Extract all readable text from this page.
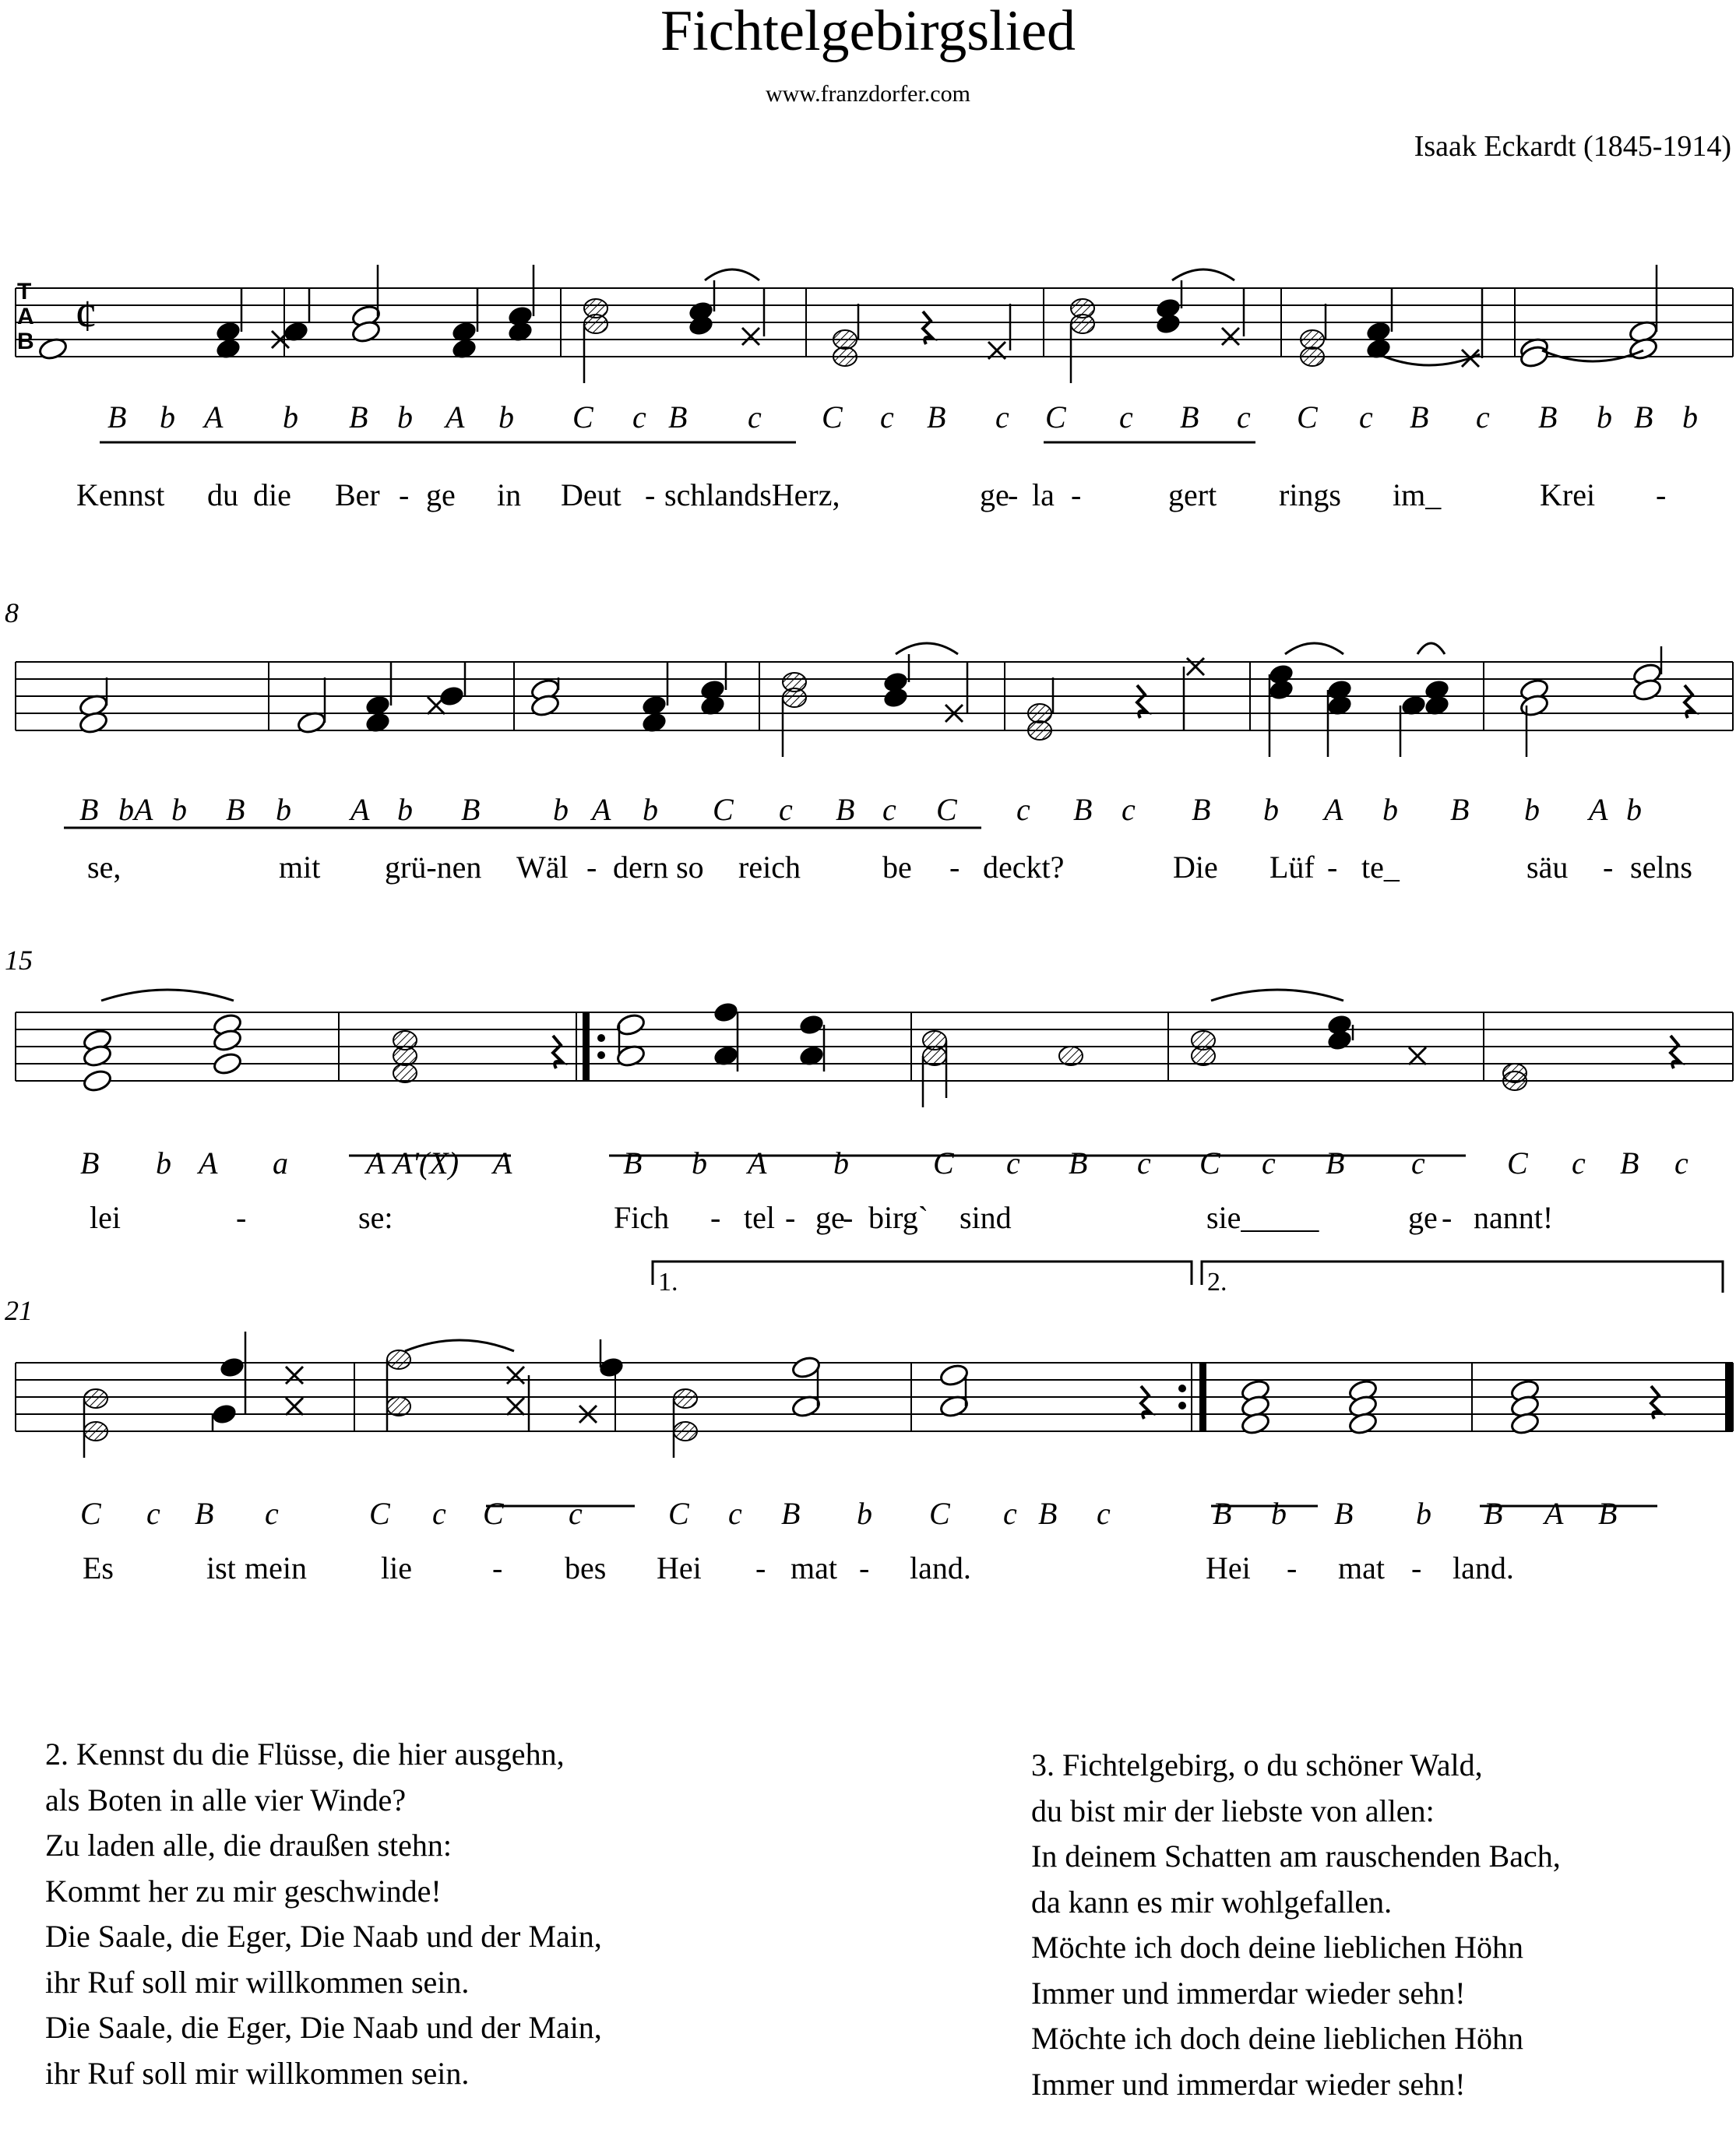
Fichtelgebirgslied
www.franzdorfer.com
Isaak Eckardt (1845-1914)
8
15
21
1.	2.
T
A
B
¢
B b A b B b A b C c B c C c B c C c B c C c B c B b B b
B bA b B b A b B b A b C c B c C c B c B b A b B b A b
B b A a	A A'(X) A	B b A b	C c B c C c B c	C c B c
C c B c	C c C c	C c B b C c B c	B b B b B A B
Kennst du die Ber - ge in Deut - schlandsHerz,	ge
- la -	gert rings im_	Krei -
se,	mit grü-nen Wäl - dern so reich	be - deckt?	Die Lüf - te_	säu - selns
lei	-	se:	Fich - tel - ge
- birg` sind	sie_____	ge - nannt!
Es	ist mein lie	- bes Hei - mat - land.	Hei - mat - land.
2. Kennst du die Flüsse, die hier ausgehn,
als Boten in alle vier Winde?
Zu laden alle, die draußen stehn:
Kommt her zu mir geschwinde!
Die Saale, die Eger, Die Naab und der Main,
ihr Ruf soll mir willkommen sein.
Die Saale, die Eger, Die Naab und der Main,
ihr Ruf soll mir willkommen sein.
3. Fichtelgebirg, o du schöner Wald,
du bist mir der liebste von allen:
In deinem Schatten am rauschenden Bach,
da kann es mir wohlgefallen.
Möchte ich doch deine lieblichen Höhn
Immer und immerdar wieder sehn!
Möchte ich doch deine lieblichen Höhn
Immer und immerdar wieder sehn!
